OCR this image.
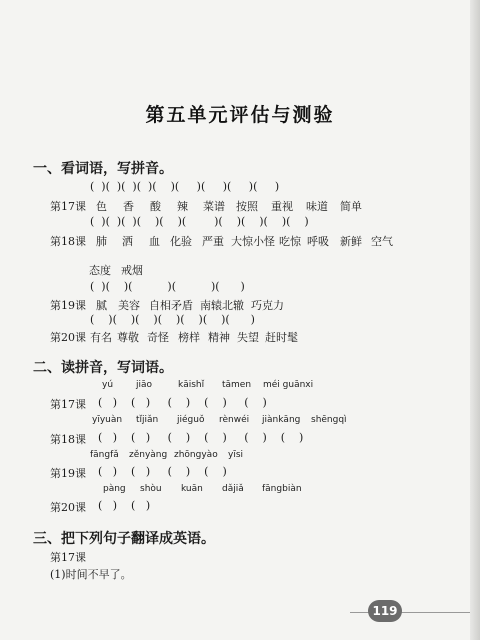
第五单元评估与测验
一、看词语，写拼音。
(  )(  )(  )(  )(    )(     )(     )(     )(     )
第17课 色 香 酸 辣 菜谱 按照 重视 味道 简单
(  )(  )(  )(    )(    )(        )(    )(    )(    )(    )
第18课 肺 洒 血 化验 严重 大惊小怪 吃惊 呼吸 新鲜 空气
态度 戒烟
(  )(    )(          )(          )(      )
第19课 腻 美容 自相矛盾 南辕北辙 巧克力
(    )(    )(    )(    )(    )(    )(      )
第20课 有名 尊敬 奇怪 榜样 精神 失望 赶时髦
二、读拼音，写词语。
yú	jiāo	kāishǐ tāmen méi guānxi
第17课 (   )    (   )     (    )    (    )     (    )
yīyuàn tǐjiǎn jiéguǒ rènwéi jiànkāng shēngqì
第18课 (   )    (   )     (    )    (    )     (    )    (    )
fāngfǎ zěnyàng zhōngyào yīsi
第19课 (   )    (   )     (    )    (    )
pàng shòu kuān dǎjiǎ fāngbiàn
第20课 (   )    (   )
三、把下列句子翻译成英语。
第17课
(1)时间不早了。
119
